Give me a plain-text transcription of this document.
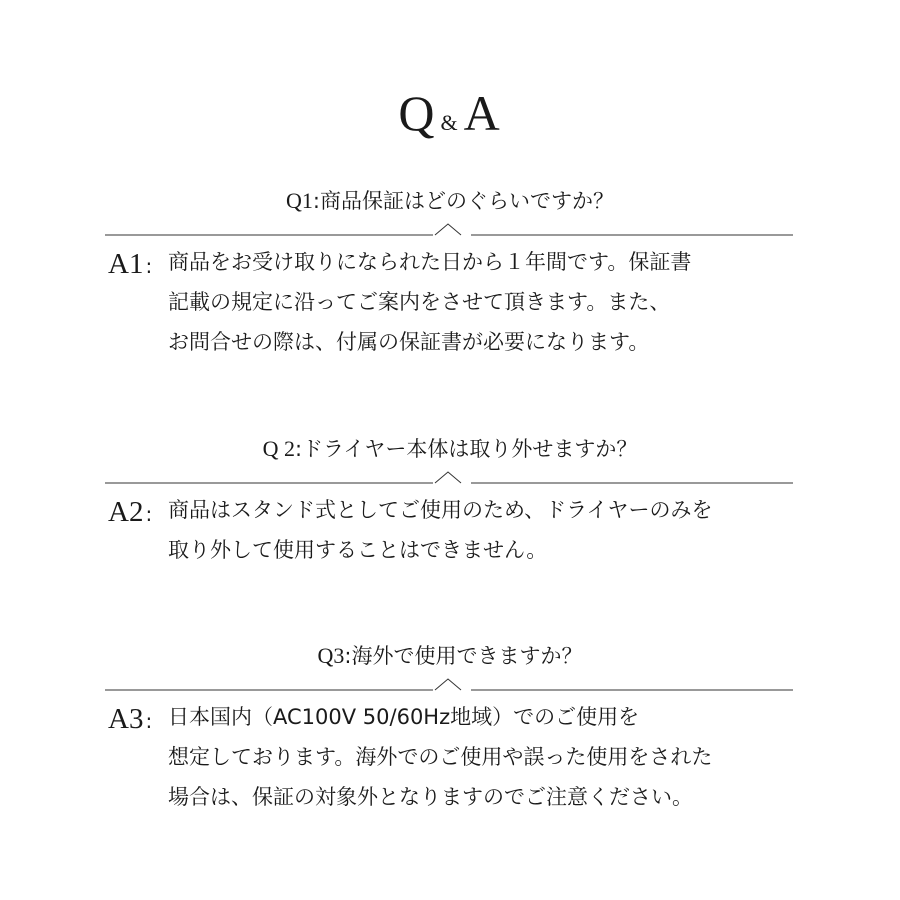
Q &A
Q1:商品保証はどのぐらいですか？
A1 : 商品をお受け取りになられた日から１年間です。保証書
記載の規定に沿ってご案内をさせて頂きます。また、
お問合せの際は、付属の保証書が必要になります。
Q 2:ドライヤー本体は取り外せますか？
A2 : 商品はスタンド式としてご使用のため、ドライヤーのみを
取り外して使用することはできません。
Q3:海外で使用できますか？
A3 : 日本国内（AC100V 50/60Hz地域）でのご使用を
想定しております。海外でのご使用や誤った使用をされた
場合は、保証の対象外となりますのでご注意ください。
